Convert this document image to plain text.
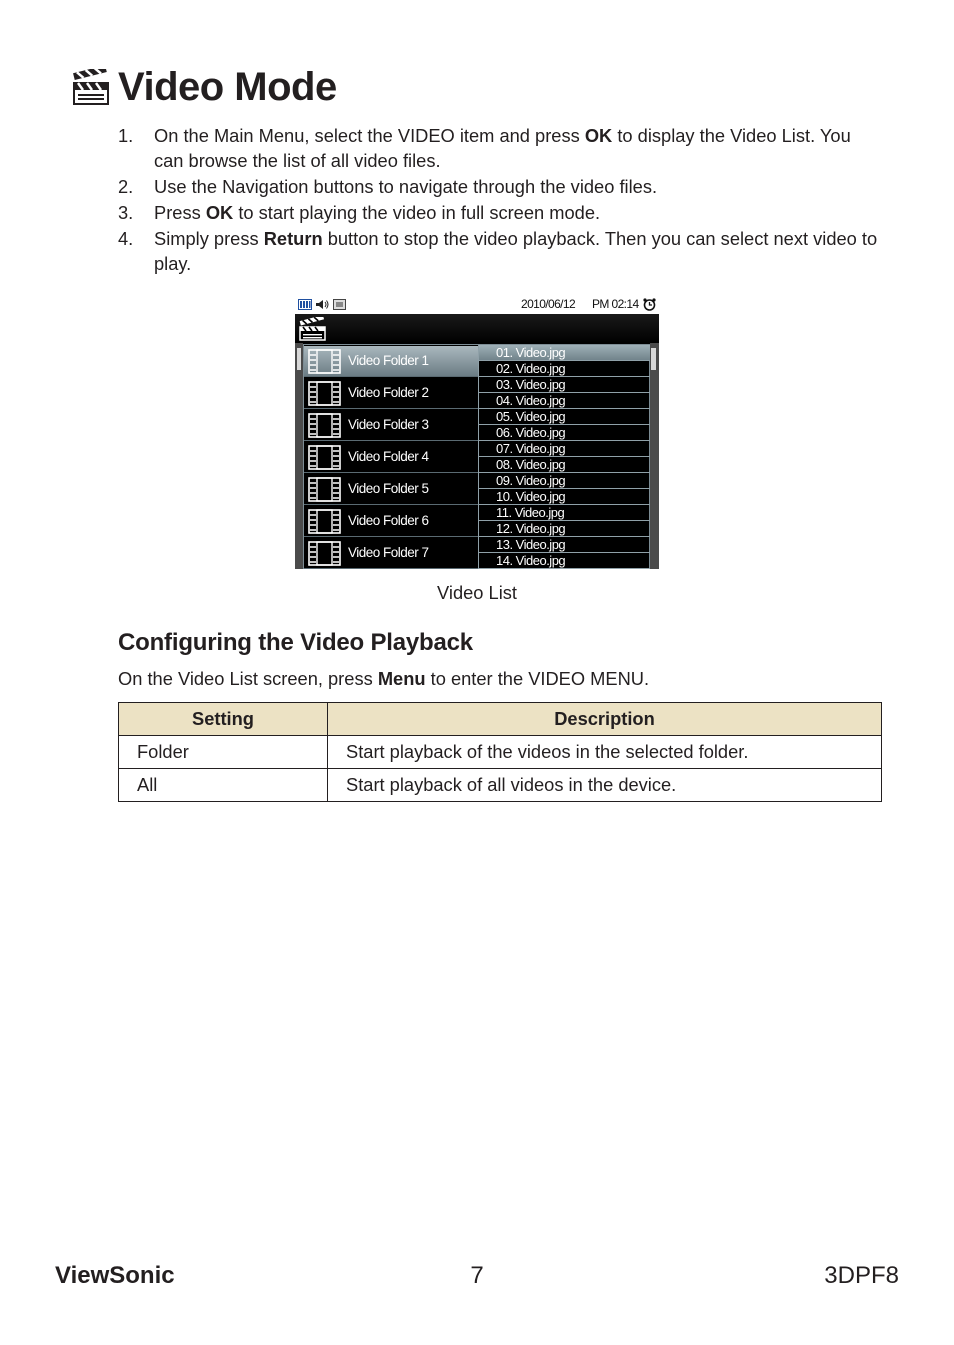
Video Mode
1. On the Main Menu, select the VIDEO item and press OK to display the Video List. You can browse the list of all video files.
2. Use the Navigation buttons to navigate through the video files.
3. Press OK to start playing the video in full screen mode.
4. Simply press Return button to stop the video playback. Then you can select next video to play.
2010/06/12 PM 02:14
Video Folder 1
Video Folder 2
Video Folder 3
Video Folder 4
Video Folder 5
Video Folder 6
Video Folder 7
01. Video.jpg
02. Video.jpg
03. Video.jpg
04. Video.jpg
05. Video.jpg
06. Video.jpg
07. Video.jpg
08. Video.jpg
09. Video.jpg
10. Video.jpg
11. Video.jpg
12. Video.jpg
13. Video.jpg
14. Video.jpg
Video List
Configuring the Video Playback
On the Video List screen, press Menu to enter the VIDEO MENU.
Setting	Description
Folder	Start playback of the videos in the selected folder.
All	Start playback of all videos in the device.
ViewSonic	7	3DPF8
